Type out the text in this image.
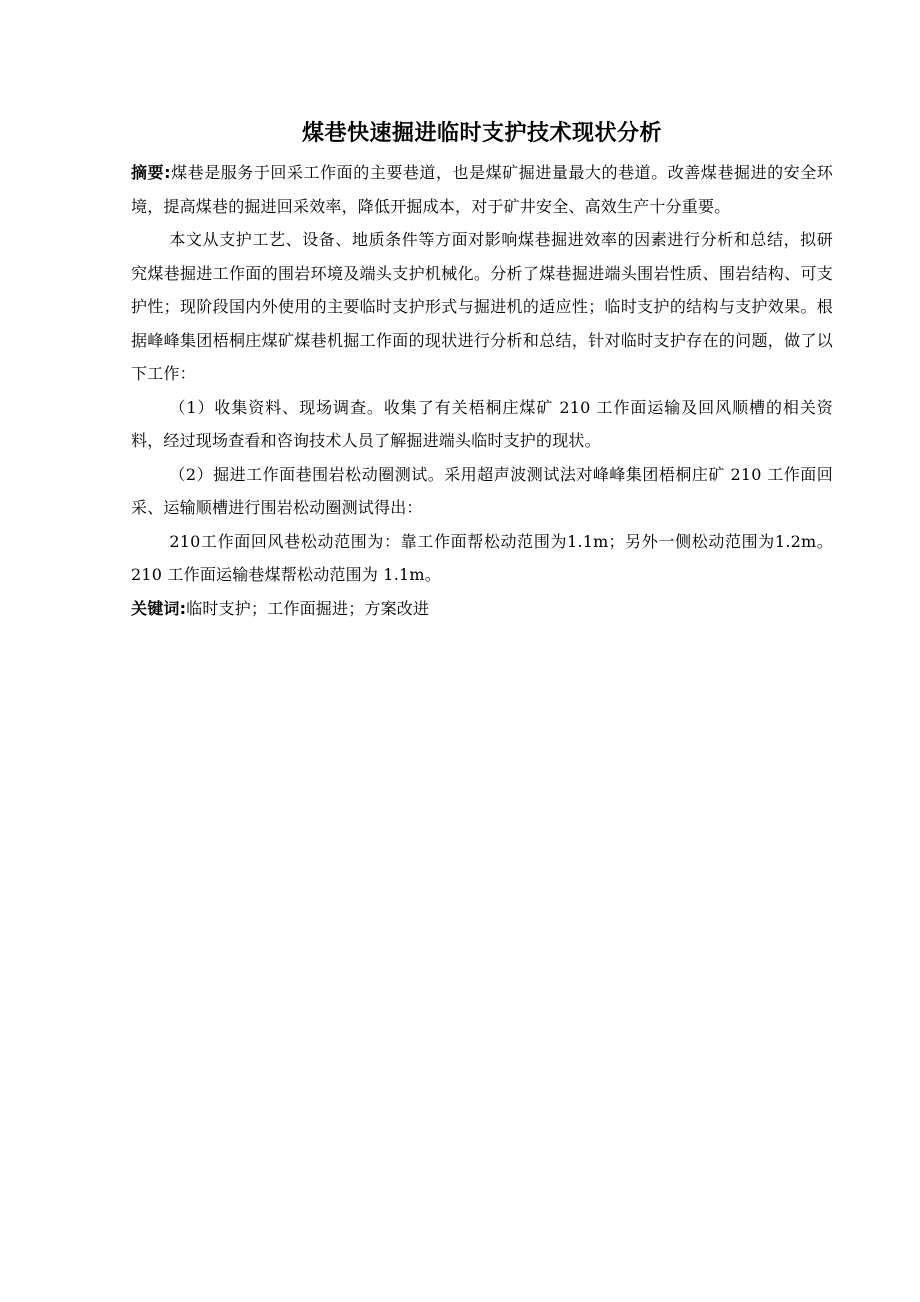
煤巷快速掘进临时支护技术现状分析

摘要:煤巷是服务于回采工作面的主要巷道，也是煤矿掘进量最大的巷道。改善煤巷掘进的安全环境，提高煤巷的掘进回采效率，降低开掘成本，对于矿井安全、高效生产十分重要。

本文从支护工艺、设备、地质条件等方面对影响煤巷掘进效率的因素进行分析和总结，拟研究煤巷掘进工作面的围岩环境及端头支护机械化。分析了煤巷掘进端头围岩性质、围岩结构、可支护性；现阶段国内外使用的主要临时支护形式与掘进机的适应性；临时支护的结构与支护效果。根据峰峰集团梧桐庄煤矿煤巷机掘工作面的现状进行分析和总结，针对临时支护存在的问题，做了以下工作：

（1）收集资料、现场调查。收集了有关梧桐庄煤矿 210 工作面运输及回风顺槽的相关资料，经过现场查看和咨询技术人员了解掘进端头临时支护的现状。

（2）掘进工作面巷围岩松动圈测试。采用超声波测试法对峰峰集团梧桐庄矿 210 工作面回采、运输顺槽进行围岩松动圈测试得出：

210工作面回风巷松动范围为：靠工作面帮松动范围为1.1m；另外一侧松动范围为1.2m。210 工作面运输巷煤帮松动范围为 1.1m。

关键词:临时支护；工作面掘进；方案改进
